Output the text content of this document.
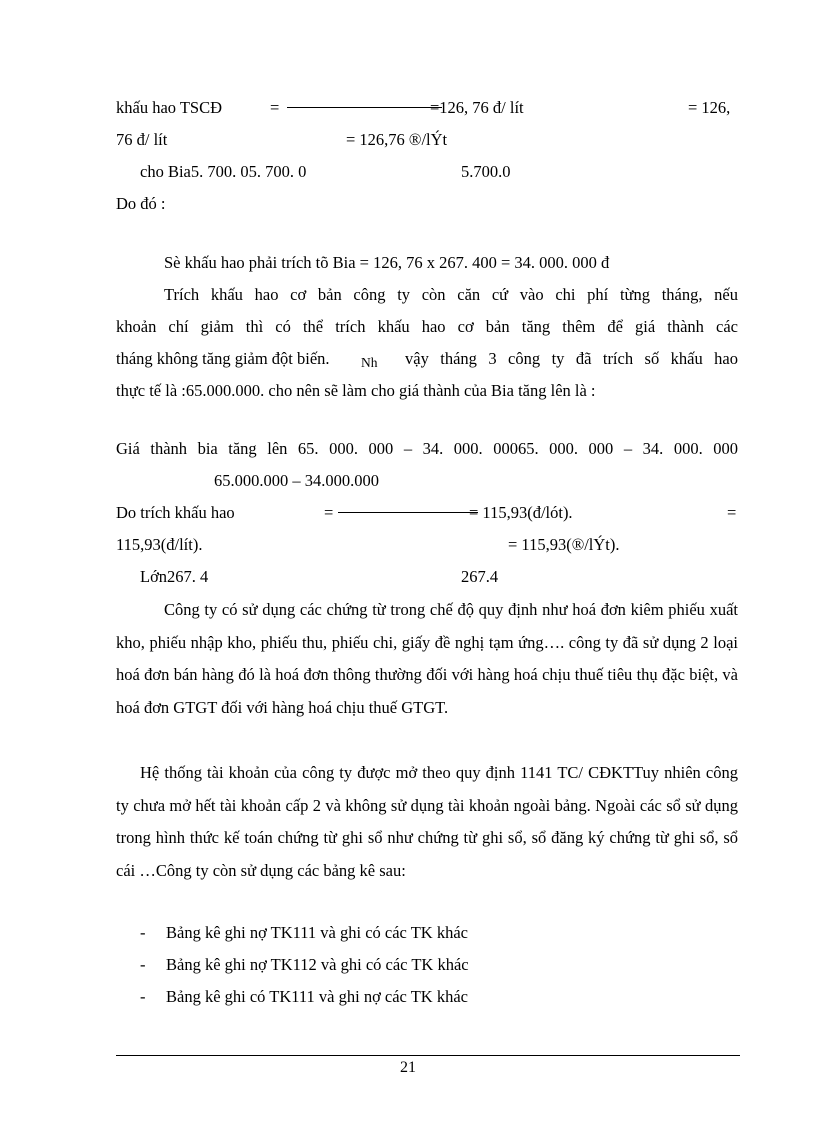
khấu hao TSCĐ	=	=126, 76 đ/ lít	= 126,
76 đ/ lít	= 126,76 ®/lÝt
cho Bia5. 700. 05. 700. 0	5.700.0
Do đó :
Sè khấu hao phải trích tõ Bia = 126, 76 x 267. 400 = 34. 000. 000 đ
Trích khấu hao cơ bản công ty còn căn cứ vào chi phí từng tháng, nếu
khoản chí giảm thì có thể trích khấu hao cơ bản tăng thêm để giá thành các
tháng không tăng giảm đột biến. Nh vậy tháng 3 công ty đã trích số khấu hao
thực tế là :65.000.000. cho nên sẽ làm cho giá thành của Bia tăng lên là :
Giá thành bia tăng lên 65. 000. 000 – 34. 000. 00065. 000. 000 – 34. 000. 000
65.000.000 – 34.000.000
Do trích khấu hao	=	= 115,93(đ/lót).	=
115,93(đ/lít).	= 115,93(®/lÝt).
Lớn267. 4	267.4
Công ty có sử dụng các chứng từ trong chế độ quy định như hoá đơn kiêm phiếu xuất kho, phiếu nhập kho, phiếu thu, phiếu chi, giấy đề nghị tạm ứng…. công ty đã sử dụng 2 loại hoá đơn bán hàng đó là hoá đơn thông thường đối với hàng hoá chịu thuế tiêu thụ đặc biệt, và hoá đơn GTGT đối với hàng hoá chịu thuế GTGT.
Hệ thống tài khoản của công ty được mở theo quy định 1141 TC/ CĐKTTuy nhiên công ty chưa mở hết tài khoản cấp 2 và không sử dụng tài khoản ngoài bảng. Ngoài các sổ sử dụng trong hình thức kế toán chứng từ ghi sổ như chứng từ ghi sổ, sổ đăng ký chứng từ ghi sổ, sổ cái …Công ty còn sử dụng các bảng kê sau:
- Bảng kê ghi nợ TK111 và ghi có các TK khác
- Bảng kê ghi nợ TK112 và ghi có các TK khác
- Bảng kê ghi có TK111 và ghi nợ các TK khác
21
